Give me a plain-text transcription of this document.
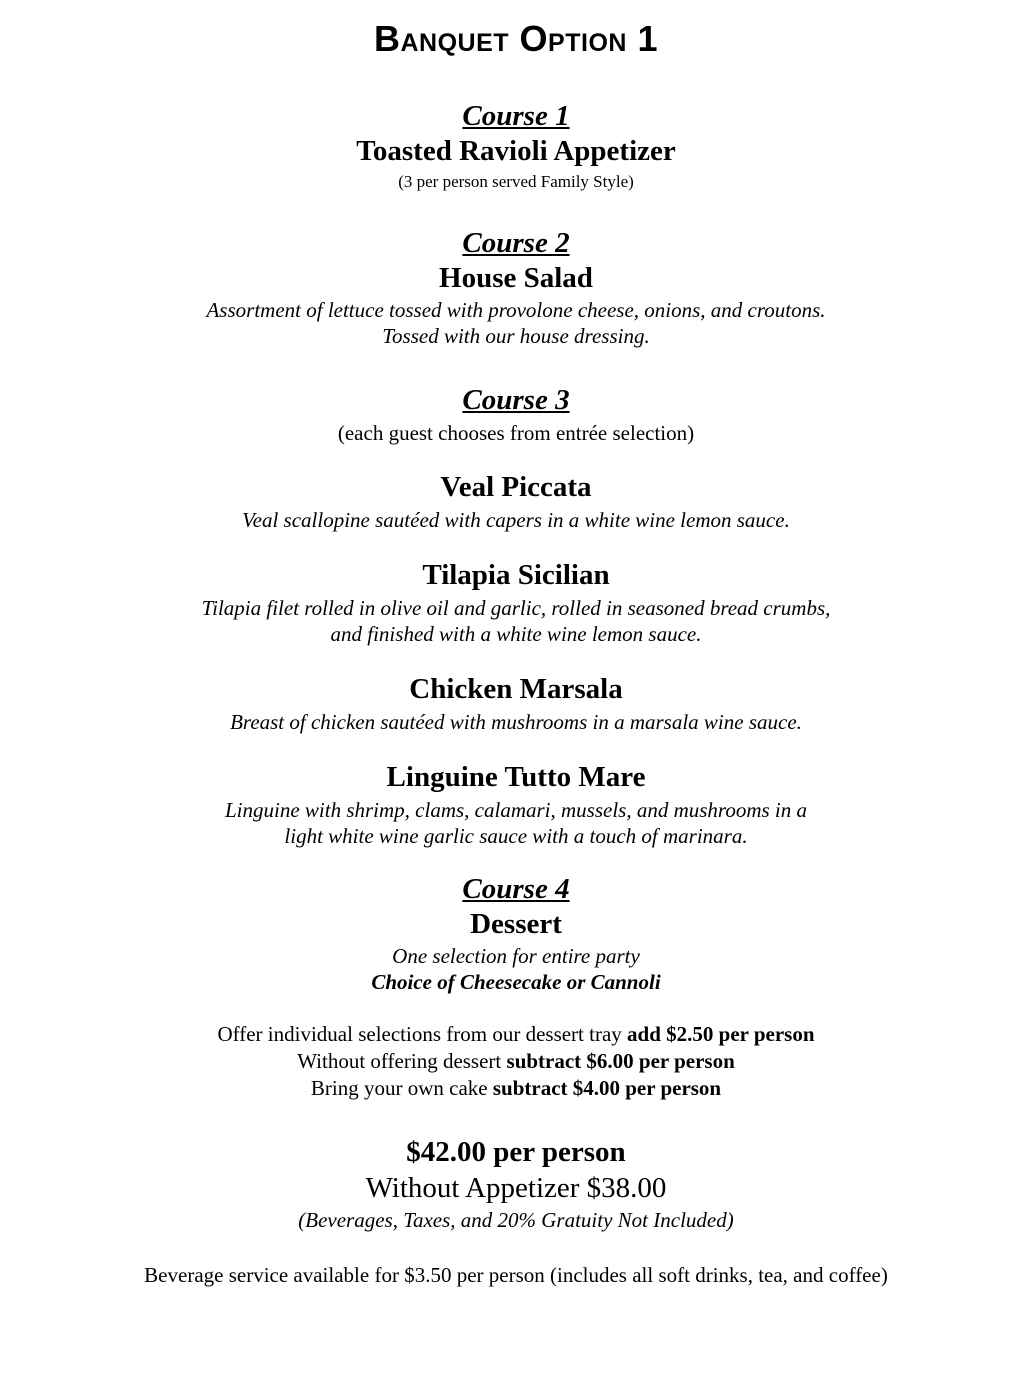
Banquet Option 1
Course 1
Toasted Ravioli Appetizer
(3 per person served Family Style)
Course 2
House Salad
Assortment of lettuce tossed with provolone cheese, onions, and croutons.
Tossed with our house dressing.
Course 3
(each guest chooses from entrée selection)
Veal Piccata
Veal scallopine sautéed with capers in a white wine lemon sauce.
Tilapia Sicilian
Tilapia filet rolled in olive oil and garlic, rolled in seasoned bread crumbs,
and finished with a white wine lemon sauce.
Chicken Marsala
Breast of chicken sautéed with mushrooms in a marsala wine sauce.
Linguine Tutto Mare
Linguine with shrimp, clams, calamari, mussels, and mushrooms in a
light white wine garlic sauce with a touch of marinara.
Course 4
Dessert
One selection for entire party
Choice of Cheesecake or Cannoli
Offer individual selections from our dessert tray add $2.50 per person
Without offering dessert subtract $6.00 per person
Bring your own cake subtract $4.00 per person
$42.00 per person
Without Appetizer $38.00
(Beverages, Taxes, and 20% Gratuity Not Included)
Beverage service available for $3.50 per person (includes all soft drinks, tea, and coffee)
